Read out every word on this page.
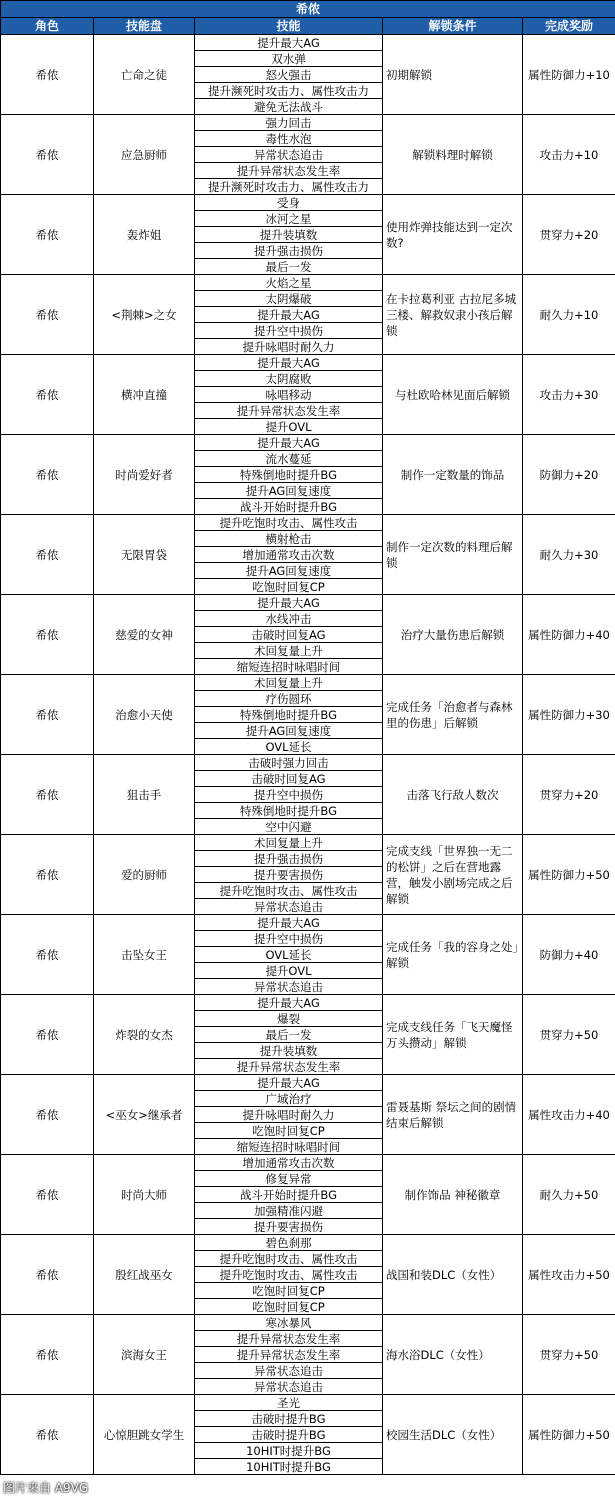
希侬				
角色	技能盘	技能	解锁条件	完成奖励
希侬	亡命之徒	提升最大AG	初期解锁	属性防御力+10
		双水弹		
		怒火强击		
		提升濒死时攻击力、属性攻击力		
		避免无法战斗		
希侬	应急厨师	强力回击	解锁料理时解锁	攻击力+10
		毒性水泡		
		异常状态追击		
		提升异常状态发生率		
		提升濒死时攻击力、属性攻击力		
希侬	轰炸姐	受身	使用炸弹技能达到一定次数?	贯穿力+20
		冰河之星		
		提升装填数		
		提升强击损伤		
		最后一发		
希侬	<荆棘>之女	火焰之星	在卡拉葛利亚 古拉尼多城 三楼、解救奴隶小孩后解锁	耐久力+10
		太阴爆破		
		提升最大AG		
		提升空中损伤		
		提升咏唱时耐久力		
希侬	横冲直撞	提升最大AG	与杜欧哈林见面后解锁	攻击力+30
		太阴腐败		
		咏唱移动		
		提升异常状态发生率		
		提升OVL		
希侬	时尚爱好者	提升最大AG	制作一定数量的饰品	防御力+20
		流水蔓延		
		特殊倒地时提升BG		
		提升AG回复速度		
		战斗开始时提升BG		
希侬	无限胃袋	提升吃饱时攻击、属性攻击	制作一定次数的料理后解锁	耐久力+30
		横射枪击		
		增加通常攻击次数		
		提升AG回复速度		
		吃饱时回复CP		
希侬	慈爱的女神	提升最大AG	治疗大量伤患后解锁	属性防御力+40
		水线冲击		
		击破时回复AG		
		术回复量上升		
		缩短连招时咏唱时间		
希侬	治愈小天使	术回复量上升	完成任务「治愈者与森林里的伤患」后解锁	属性防御力+30
		疗伤圆环		
		特殊倒地时提升BG		
		提升AG回复速度		
		OVL延长		
希侬	狙击手	击破时强力回击	击落飞行敌人数次	贯穿力+20
		击破时回复AG		
		提升空中损伤		
		特殊倒地时提升BG		
		空中闪避		
希侬	爱的厨师	术回复量上升	完成支线「世界独一无二的松饼」之后在营地露营，触发小剧场完成之后解锁	属性防御力+50
		提升强击损伤		
		提升要害损伤		
		提升吃饱时攻击、属性攻击		
		异常状态追击		
希侬	击坠女王	提升最大AG	完成任务「我的容身之处」解锁	防御力+40
		提升空中损伤		
		OVL延长		
		提升OVL		
		异常状态追击		
希侬	炸裂的女杰	提升最大AG	完成支线任务「飞天魔怪万头攒动」解锁	贯穿力+50
		爆裂		
		最后一发		
		提升装填数		
		提升异常状态发生率		
希侬	<巫女>继承者	提升最大AG	雷聂基斯 祭坛之间的剧情结束后解锁	属性攻击力+40
		广域治疗		
		提升咏唱时耐久力		
		吃饱时回复CP		
		缩短连招时咏唱时间		
希侬	时尚大师	增加通常攻击次数	制作饰品 神秘徽章	耐久力+50
		修复异常		
		战斗开始时提升BG		
		加强精准闪避		
		提升要害损伤		
希侬	殷红战巫女	碧色刹那	战国和装DLC（女性）	属性攻击力+50
		提升吃饱时攻击、属性攻击		
		提升吃饱时攻击、属性攻击		
		吃饱时回复CP		
		吃饱时回复CP		
希侬	滨海女王	寒冰暴风	海水浴DLC（女性）	贯穿力+50
		提升异常状态发生率		
		提升异常状态发生率		
		异常状态追击		
		异常状态追击		
希侬	心惊胆跳女学生	圣光	校园生活DLC（女性）	属性防御力+50
		击破时提升BG		
		击破时提升BG		
		10HIT时提升BG		
		10HIT时提升BG		
图片来自 A9VG
